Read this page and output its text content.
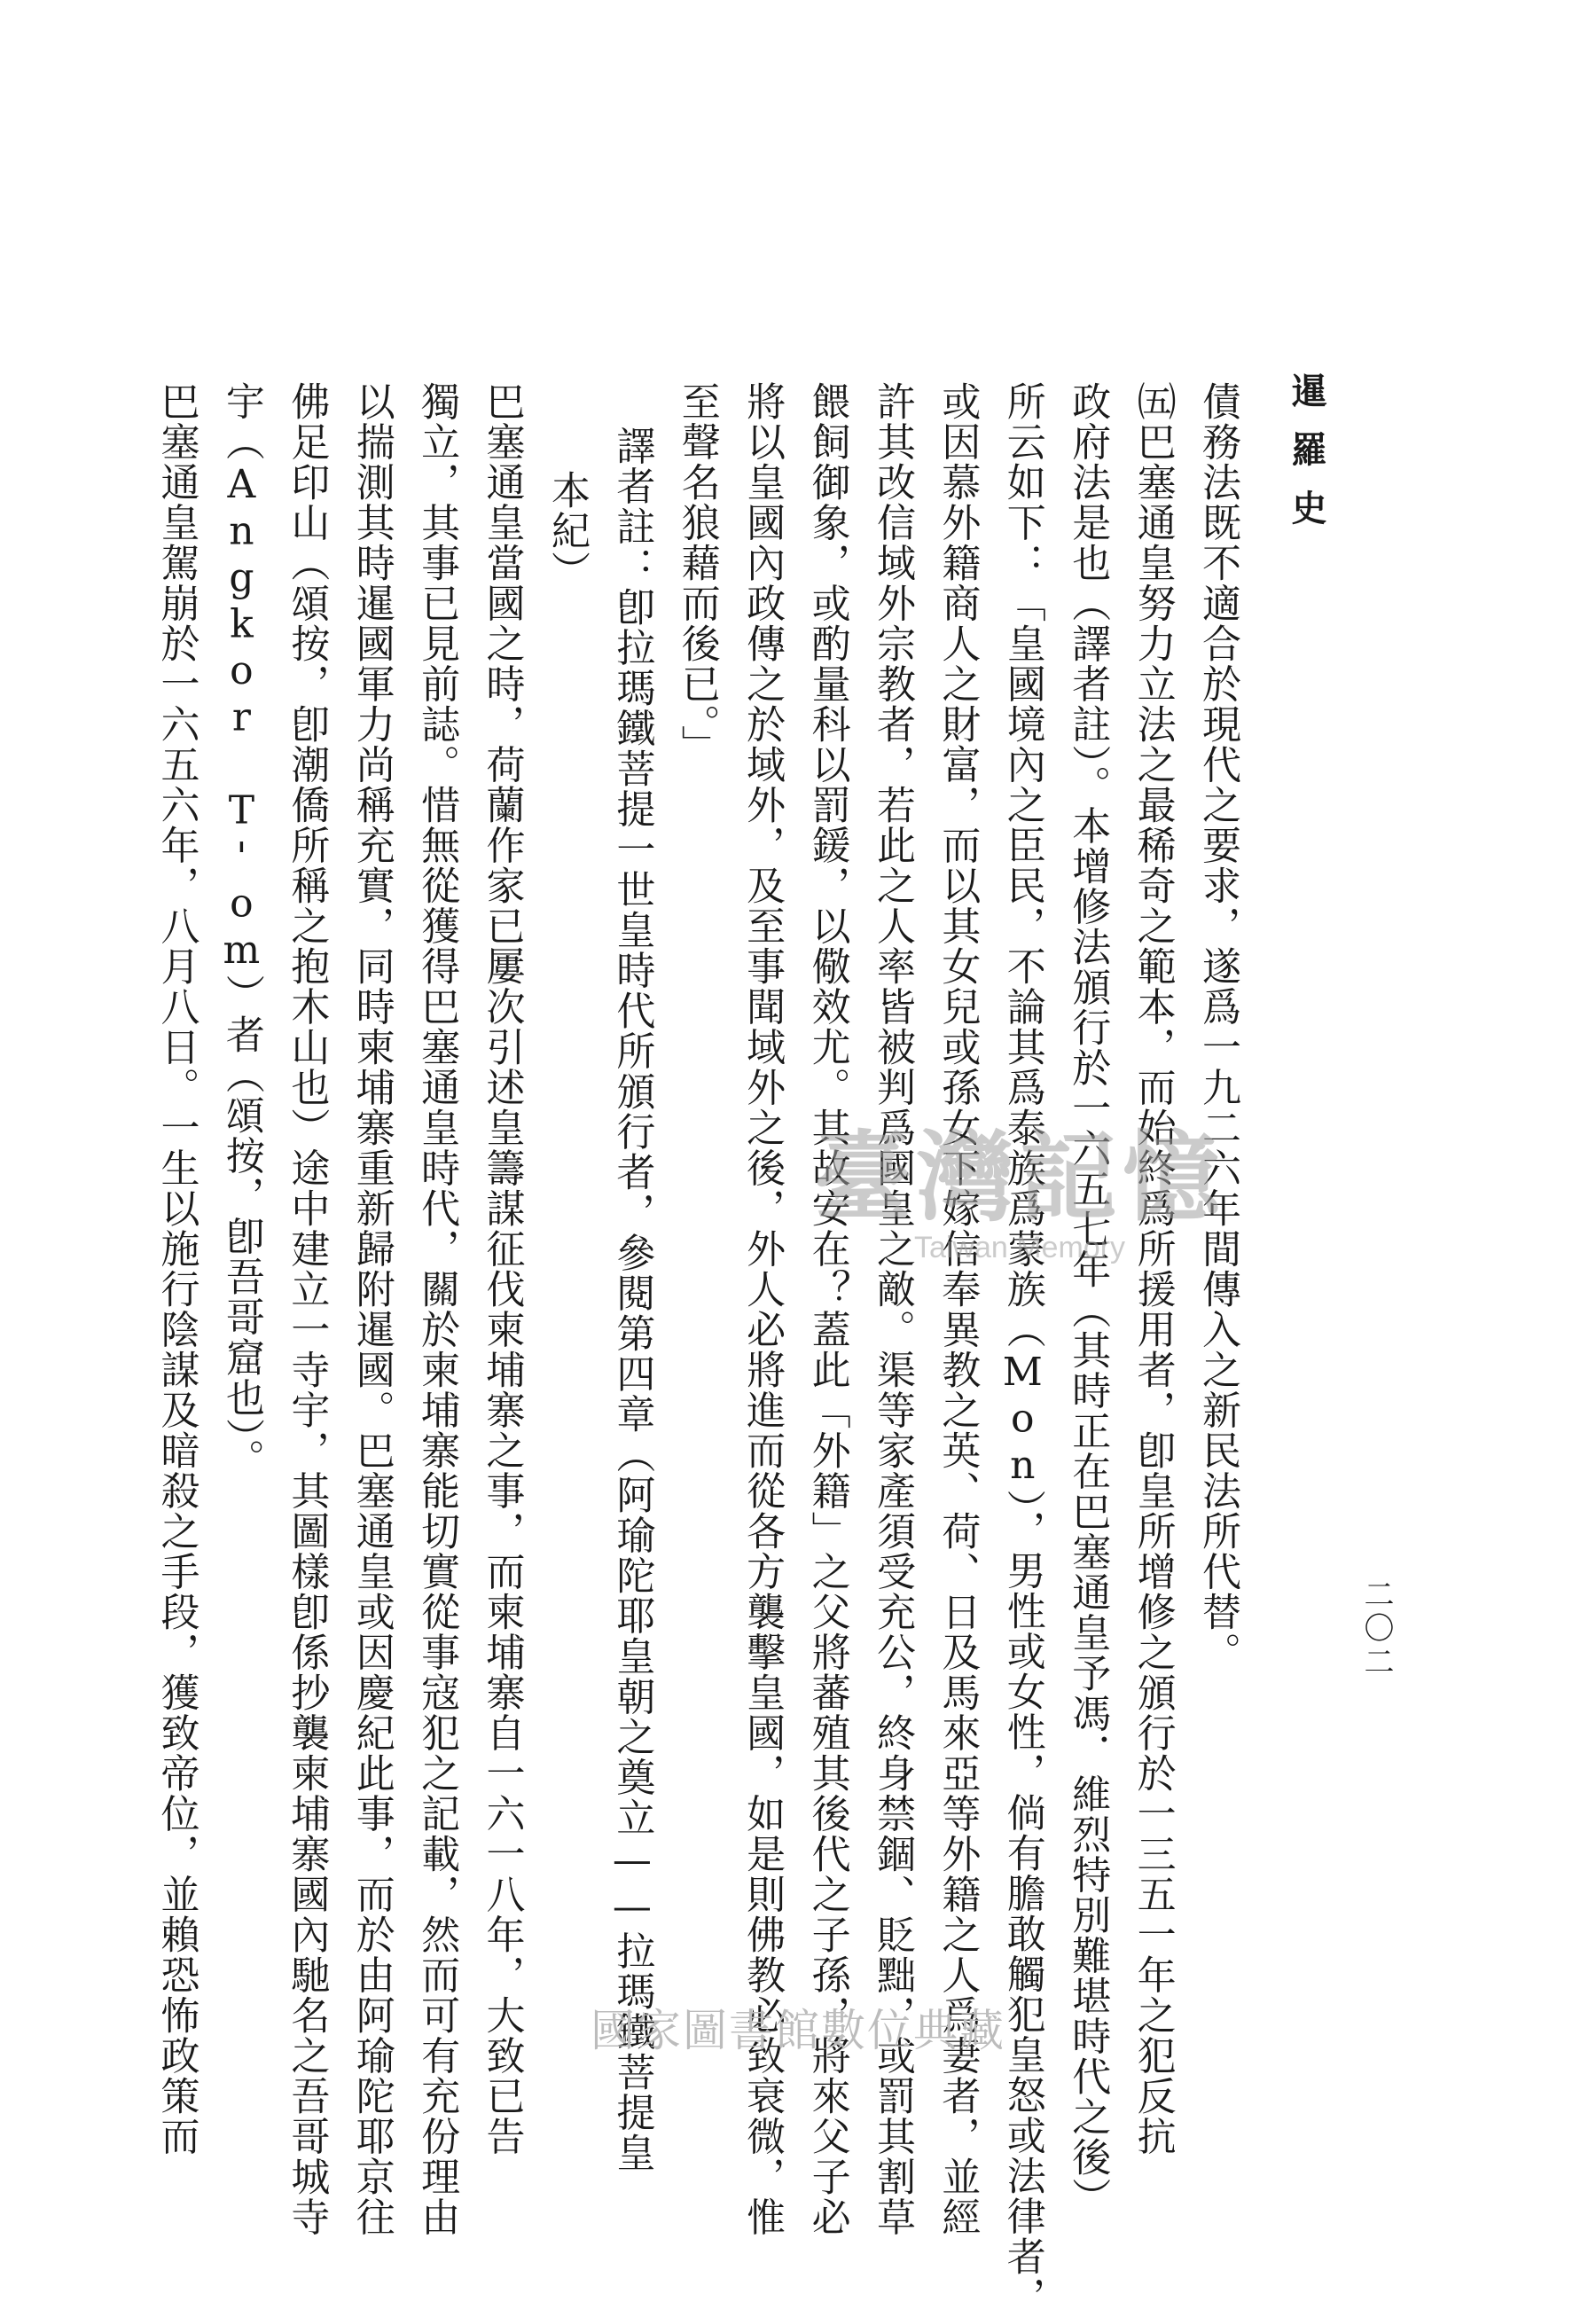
暹羅史
二〇二

債務法既不適合於現代之要求，遂爲一九二六年間傳入之新民法所代替。

㈤巴塞通皇努力立法之最稀奇之範本，而始終爲所援用者，卽皇所增修之頒行於一三五一年之犯反抗

政府法是也（譯者註）。本增修法頒行於一六五七年（其時正在巴塞通皇予馮．維烈特別難堪時代之後）

所云如下：「皇國境內之臣民，不論其爲泰族爲蒙族（Mon），男性或女性，倘有膽敢觸犯皇怒或法律者，

或因慕外籍商人之財富，而以其女兒或孫女下嫁信奉異教之英、荷、日及馬來亞等外籍之人爲妻者，並經

許其改信域外宗教者，若此之人率皆被判爲國皇之敵。渠等家產須受充公，終身禁錮、貶黜，或罰其割草

餵飼御象，或酌量科以罰鍰，以儆效尤。其故安在？蓋此「外籍」之父將蕃殖其後代之子孫，將來父子必

將以皇國內政傳之於域外，及至事聞域外之後，外人必將進而從各方襲擊皇國，如是則佛教必致衰微，惟

至聲名狼藉而後已。」

譯者註：卽拉瑪鐵菩提一世皇時代所頒行者，參閱第四章（阿瑜陀耶皇朝之奠立——拉瑪鐵菩提皇

本紀）

巴塞通皇當國之時，荷蘭作家已屢次引述皇籌謀征伐柬埔寨之事，而柬埔寨自一六一八年，大致已告

獨立，其事已見前誌。惜無從獲得巴塞通皇時代，關於柬埔寨能切實從事寇犯之記載，然而可有充份理由

以揣測其時暹國軍力尚稱充實，同時柬埔寨重新歸附暹國。巴塞通皇或因慶紀此事，而於由阿瑜陀耶京往

佛足印山（頌按，卽潮僑所稱之抱木山也）途中建立一寺宇，其圖樣卽係抄襲柬埔寨國內馳名之吾哥城寺

宇（Angkor T'om）者（頌按，卽吾哥窟也）。

巴塞通皇駕崩於一六五六年，八月八日。一生以施行陰謀及暗殺之手段，獲致帝位，並賴恐怖政策而	臺灣記憶
Taiwan Memory
國家圖書館數位典藏
